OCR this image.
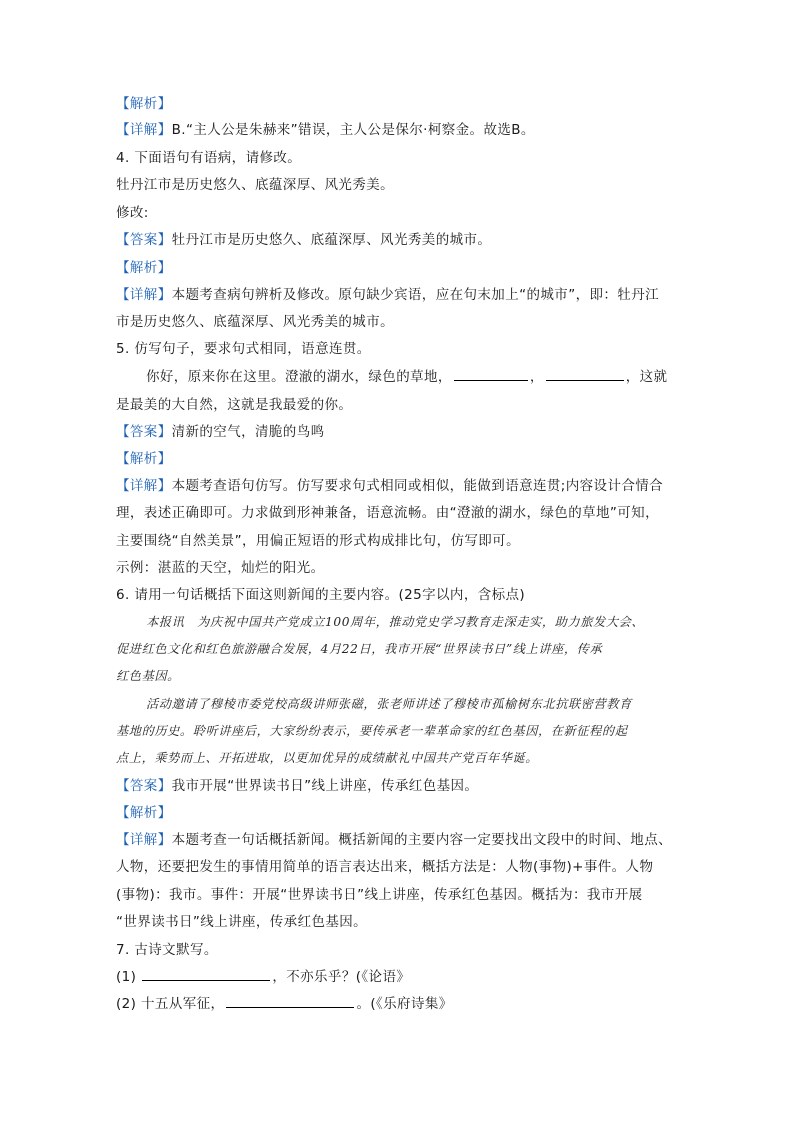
【解析】
【详解】B.“主人公是朱赫来”错误，主人公是保尔·柯察金。故选B。
4. 下面语句有语病，请修改。
牡丹江市是历史悠久、底蕴深厚、风光秀美。
修改:
【答案】牡丹江市是历史悠久、底蕴深厚、风光秀美的城市。
【解析】
【详解】本题考查病句辨析及修改。原句缺少宾语，应在句末加上“的城市”，即：牡丹江
市是历史悠久、底蕴深厚、风光秀美的城市。
5. 仿写句子，要求句式相同，语意连贯。
你好，原来你在这里。澄澈的湖水，绿色的草地，	，	，这就
是最美的大自然，这就是我最爱的你。
【答案】清新的空气，清脆的鸟鸣
【解析】
【详解】本题考查语句仿写。仿写要求句式相同或相似，能做到语意连贯;内容设计合情合
理，表述正确即可。力求做到形神兼备，语意流畅。由“澄澈的湖水，绿色的草地”可知，
主要围绕“自然美景”，用偏正短语的形式构成排比句，仿写即可。
示例：湛蓝的天空，灿烂的阳光。
6. 请用一句话概括下面这则新闻的主要内容。(25字以内，含标点)
本报讯　为庆祝中国共产党成立100周年，推动党史学习教育走深走实，助力旅发大会、
促进红色文化和红色旅游融合发展，4月22日，我市开展“世界读书日”线上讲座，传承
红色基因。
活动邀请了穆棱市委党校高级讲师张磁，张老师讲述了穆棱市孤榆树东北抗联密营教育
基地的历史。聆听讲座后，大家纷纷表示，要传承老一辈革命家的红色基因，在新征程的起
点上，乘势而上、开拓进取，以更加优异的成绩献礼中国共产党百年华诞。
【答案】我市开展“世界读书日”线上讲座，传承红色基因。
【解析】
【详解】本题考查一句话概括新闻。概括新闻的主要内容一定要找出文段中的时间、地点、
人物，还要把发生的事情用简单的语言表达出来，概括方法是：人物(事物)+事件。人物
(事物)：我市。事件：开展“世界读书日”线上讲座，传承红色基因。概括为：我市开展
“世界读书日”线上讲座，传承红色基因。
7. 古诗文默写。
(1)	，不亦乐乎？(《论语》
(2) 十五从军征，	。(《乐府诗集》
